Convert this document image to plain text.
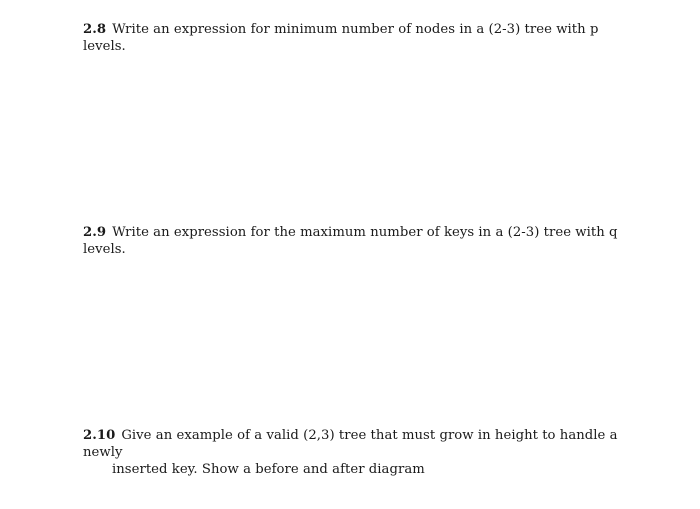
2.8 Write an expression for minimum number of nodes in a (2-3) tree with p levels.
2.9 Write an expression for the maximum number of keys in a (2-3) tree with q levels.
2.10 Give an example of a valid (2,3) tree that must grow in height to handle a newly
inserted key. Show a before and after diagram
